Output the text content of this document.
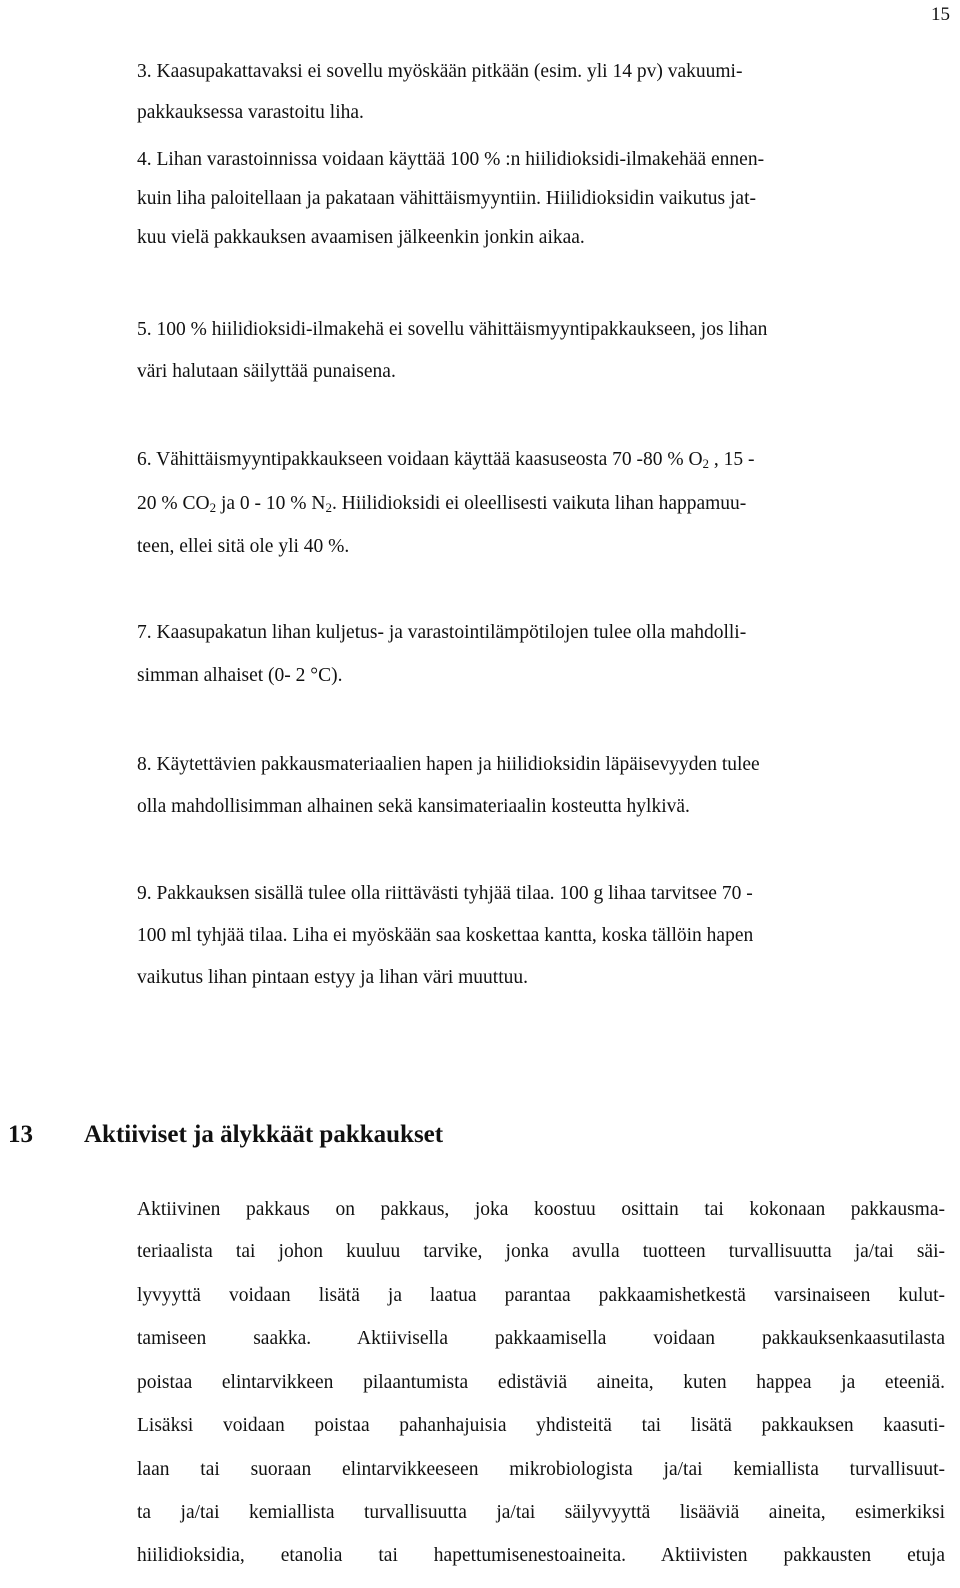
15
3. Kaasupakattavaksi ei sovellu myöskään pitkään (esim. yli 14 pv) vakuumi-
pakkauksessa varastoitu liha.
4. Lihan varastoinnissa voidaan käyttää 100 % :n hiilidioksidi-ilmakehää ennen-
kuin liha paloitellaan ja pakataan vähittäismyyntiin. Hiilidioksidin vaikutus jat-
kuu vielä pakkauksen avaamisen jälkeenkin jonkin aikaa.
5. 100 % hiilidioksidi-ilmakehä ei sovellu vähittäismyyntipakkaukseen, jos lihan
väri halutaan säilyttää punaisena.
6. Vähittäismyyntipakkaukseen voidaan käyttää kaasuseosta 70 -80 % $O_2$ , 15 -
20 % $CO_2$ ja 0 - 10 % $N_2$. Hiilidioksidi ei oleellisesti vaikuta lihan happamuu-
teen, ellei sitä ole yli 40 %.
7. Kaasupakatun lihan kuljetus- ja varastointilämpötilojen tulee olla mahdolli-
simman alhaiset (0- 2 °C).
8. Käytettävien pakkausmateriaalien hapen ja hiilidioksidin läpäisevyyden tulee
olla mahdollisimman alhainen sekä kansimateriaalin kosteutta hylkivä.
9. Pakkauksen sisällä tulee olla riittävästi tyhjää tilaa. 100 g lihaa tarvitsee 70 -
100 ml tyhjää tilaa. Liha ei myöskään saa koskettaa kantta, koska tällöin hapen
vaikutus lihan pintaan estyy ja lihan väri muuttuu.
13 Aktiiviset ja älykkäät pakkaukset
Aktiivinen pakkaus on pakkaus, joka koostuu osittain tai kokonaan pakkausma-
teriaalista tai johon kuuluu tarvike, jonka avulla tuotteen turvallisuutta ja/tai säi-
lyvyyttä voidaan lisätä ja laatua parantaa pakkaamishetkestä varsinaiseen kulut-
tamiseen saakka. Aktiivisella pakkaamisella voidaan pakkauksenkaasutilasta
poistaa elintarvikkeen pilaantumista edistäviä aineita, kuten happea ja eteeniä.
Lisäksi voidaan poistaa pahanhajuisia yhdisteitä tai lisätä pakkauksen kaasuti-
laan tai suoraan elintarvikkeeseen mikrobiologista ja/tai kemiallista turvallisuut-
ta ja/tai kemiallista turvallisuutta ja/tai säilyvyyttä lisääviä aineita, esimerkiksi
hiilidioksidia, etanolia tai hapettumisenestoaineita. Aktiivisten pakkausten etuja
